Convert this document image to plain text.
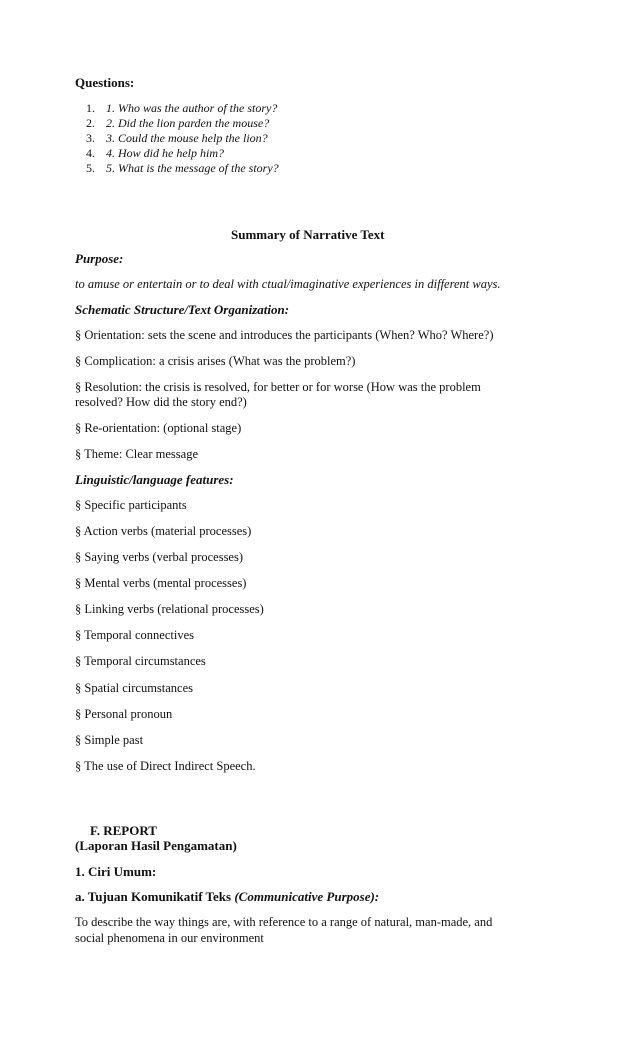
Questions:
1. 1. Who was the author of the story?
2. 2. Did the lion parden the mouse?
3. 3. Could the mouse help the lion?
4. 4. How did he help him?
5. 5. What is the message of the story?
Summary of Narrative Text
Purpose:
to amuse or entertain or to deal with ctual/imaginative experiences in different ways.
Schematic Structure/Text Organization:
§ Orientation: sets the scene and introduces the participants (When? Who? Where?)
§ Complication: a crisis arises (What was the problem?)
§ Resolution: the crisis is resolved, for better or for worse (How was the problem
resolved? How did the story end?)
§ Re-orientation: (optional stage)
§ Theme: Clear message
Linguistic/language features:
§ Specific participants
§ Action verbs (material processes)
§ Saying verbs (verbal processes)
§ Mental verbs (mental processes)
§ Linking verbs (relational processes)
§ Temporal connectives
§ Temporal circumstances
§ Spatial circumstances
§ Personal pronoun
§ Simple past
§ The use of Direct Indirect Speech.
F. REPORT
(Laporan Hasil Pengamatan)
1. Ciri Umum:
a. Tujuan Komunikatif Teks (Communicative Purpose):
To describe the way things are, with reference to a range of natural, man-made, and
social phenomena in our environment
